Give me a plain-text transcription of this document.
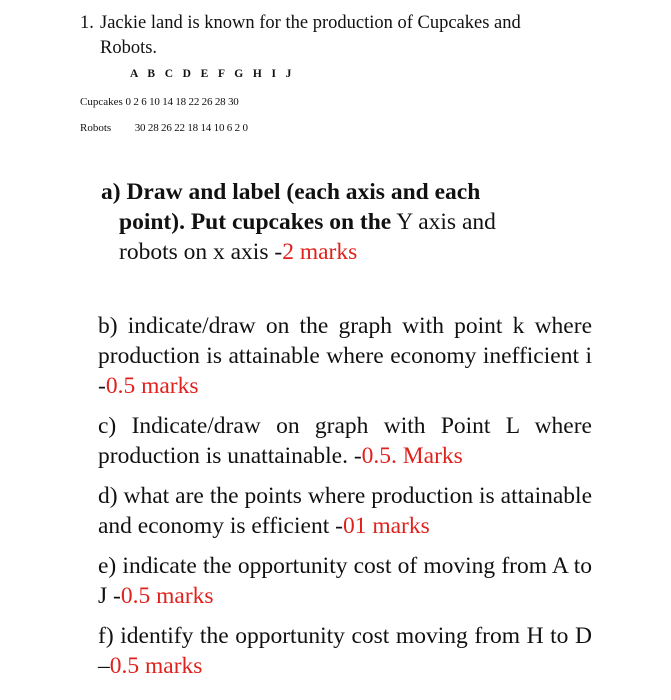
1. Jackie land is known for the production of Cupcakes and
Robots.
A B C D E F G H I J
Cupcakes 0 2 6 10 14 18 22 26 28 30
Robots 30 28 26 22 18 14 10 6 2 0
a) Draw and label (each axis and each
point). Put cupcakes on the Y axis and
robots on x axis -2 marks
b) indicate/draw on the graph with point k where production is attainable where economy inefficient i -0.5 marks
c) Indicate/draw on graph with Point L where production is unattainable. -0.5. Marks
d) what are the points where production is attainable and economy is efficient -01 marks
e) indicate the opportunity cost of moving from A to J -0.5 marks
f) identify the opportunity cost moving from H to D –0.5 marks
